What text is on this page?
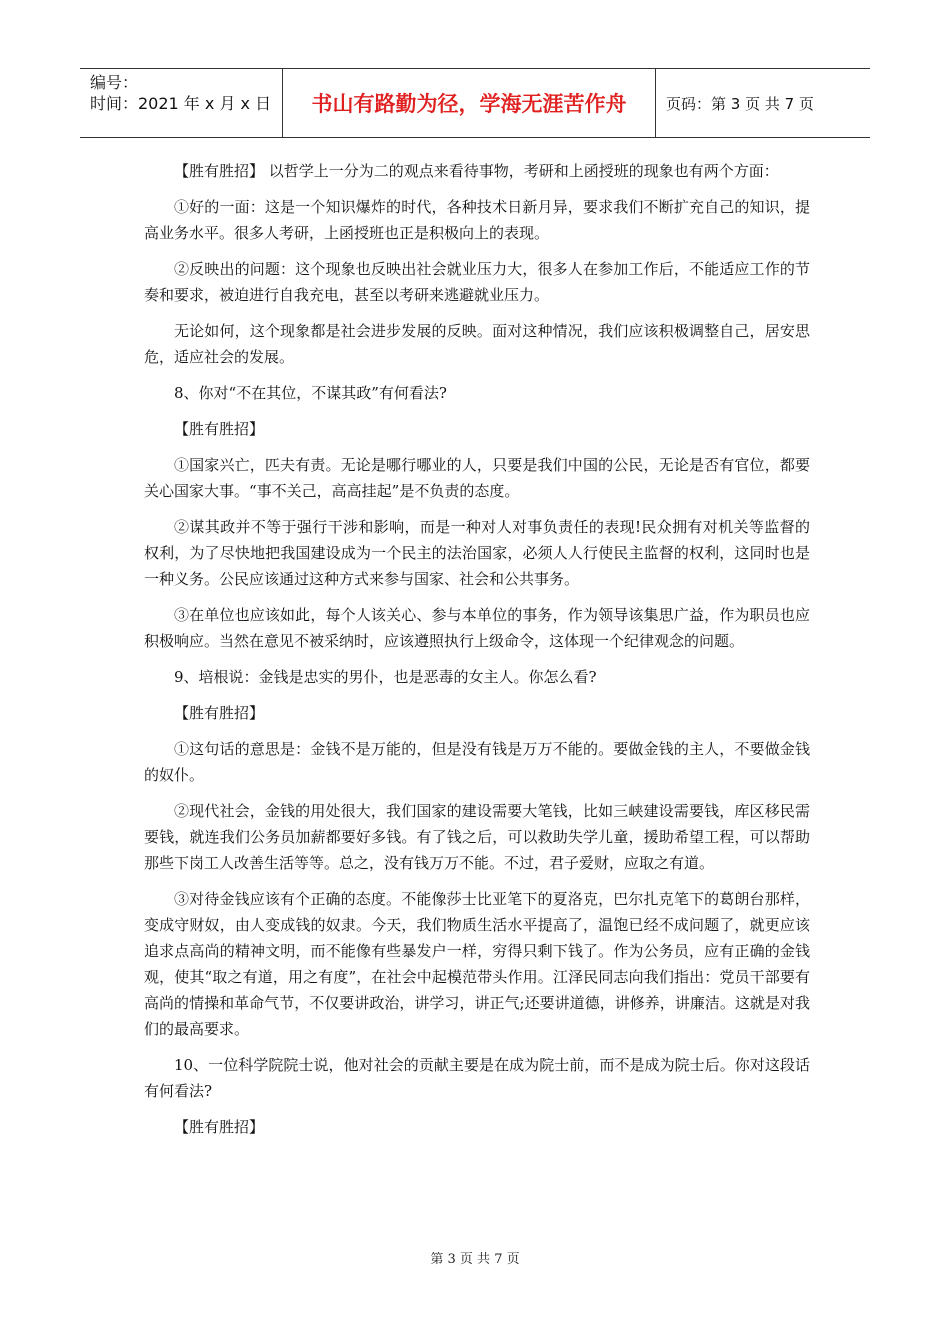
编号：
时间：2021 年 x 月 x 日	书山有路勤为径，学海无涯苦作舟	页码：第 3 页 共 7 页

【胜有胜招】 以哲学上一分为二的观点来看待事物，考研和上函授班的现象也有两个方面：

①好的一面：这是一个知识爆炸的时代，各种技术日新月异，要求我们不断扩充自己的知识，提高业务水平。很多人考研，上函授班也正是积极向上的表现。

②反映出的问题：这个现象也反映出社会就业压力大，很多人在参加工作后，不能适应工作的节奏和要求，被迫进行自我充电，甚至以考研来逃避就业压力。

无论如何，这个现象都是社会进步发展的反映。面对这种情况，我们应该积极调整自己，居安思危，适应社会的发展。

8、你对“不在其位，不谋其政”有何看法?

【胜有胜招】

①国家兴亡，匹夫有责。无论是哪行哪业的人，只要是我们中国的公民，无论是否有官位，都要关心国家大事。“事不关己，高高挂起”是不负责的态度。

②谋其政并不等于强行干涉和影响，而是一种对人对事负责任的表现!民众拥有对机关等监督的权利，为了尽快地把我国建设成为一个民主的法治国家，必须人人行使民主监督的权利，这同时也是一种义务。公民应该通过这种方式来参与国家、社会和公共事务。

③在单位也应该如此，每个人该关心、参与本单位的事务，作为领导该集思广益，作为职员也应积极响应。当然在意见不被采纳时，应该遵照执行上级命令，这体现一个纪律观念的问题。

9、培根说：金钱是忠实的男仆，也是恶毒的女主人。你怎么看?

【胜有胜招】

①这句话的意思是：金钱不是万能的，但是没有钱是万万不能的。要做金钱的主人，不要做金钱的奴仆。

②现代社会，金钱的用处很大，我们国家的建设需要大笔钱，比如三峡建设需要钱，库区移民需要钱，就连我们公务员加薪都要好多钱。有了钱之后，可以救助失学儿童，援助希望工程，可以帮助那些下岗工人改善生活等等。总之，没有钱万万不能。不过，君子爱财，应取之有道。

③对待金钱应该有个正确的态度。不能像莎士比亚笔下的夏洛克，巴尔扎克笔下的葛朗台那样，变成守财奴，由人变成钱的奴隶。今天，我们物质生活水平提高了，温饱已经不成问题了，就更应该追求点高尚的精神文明，而不能像有些暴发户一样，穷得只剩下钱了。作为公务员，应有正确的金钱观，使其“取之有道，用之有度”，在社会中起模范带头作用。江泽民同志向我们指出：党员干部要有高尚的情操和革命气节，不仅要讲政治，讲学习，讲正气;还要讲道德，讲修养，讲廉洁。这就是对我们的最高要求。

10、一位科学院院士说，他对社会的贡献主要是在成为院士前，而不是成为院士后。你对这段话有何看法?

【胜有胜招】

第 3 页 共 7 页
